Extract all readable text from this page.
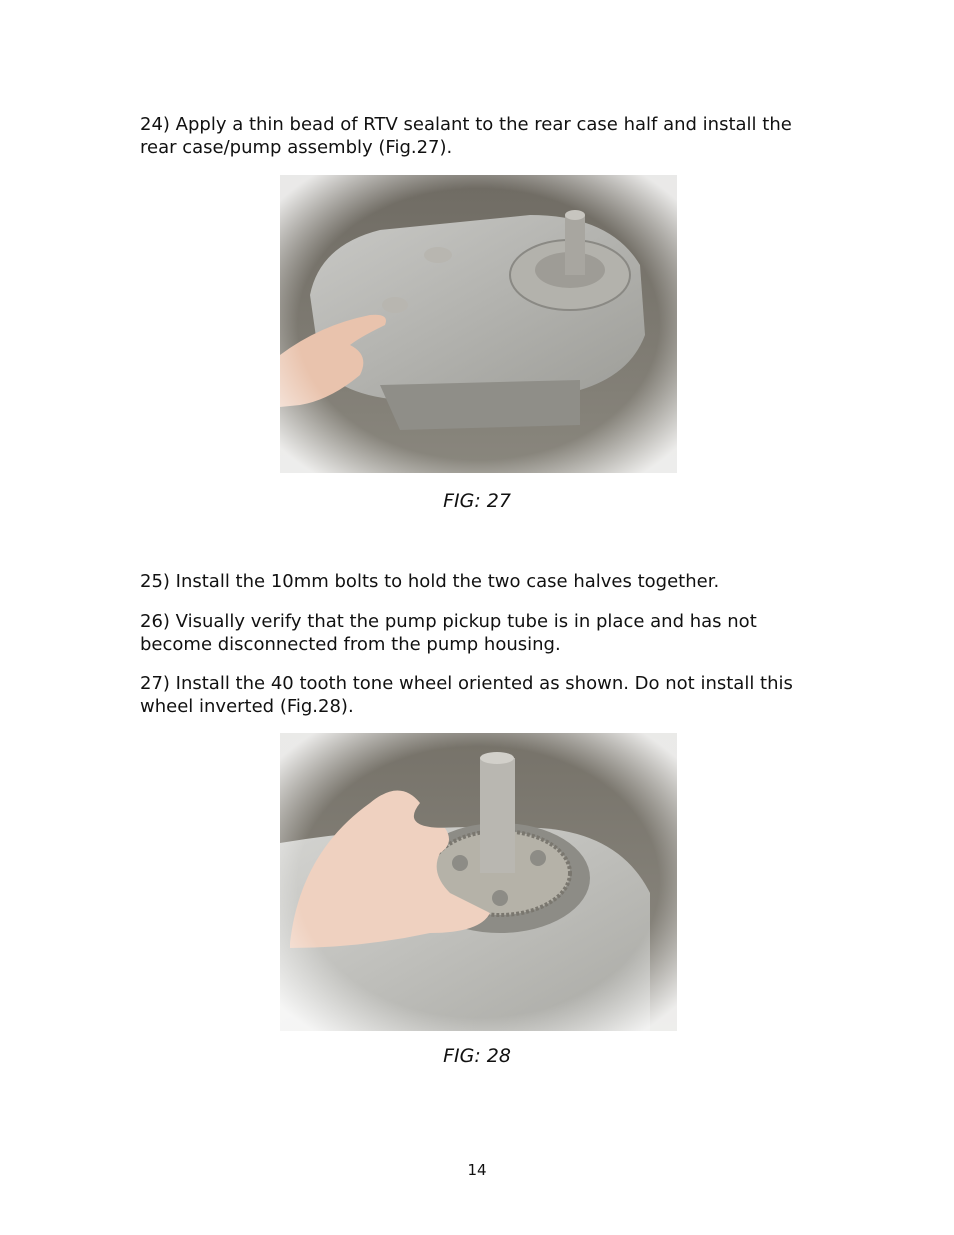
24) Apply a thin bead of RTV sealant to the rear case half and install the rear case/pump assembly (Fig.27).

FIG: 27

25) Install the 10mm bolts to hold the two case halves together.

26) Visually verify that the pump pickup tube is in place and has not become disconnected from the pump housing.

27) Install the 40 tooth tone wheel oriented as shown. Do not install this wheel inverted (Fig.28).

FIG: 28

14
